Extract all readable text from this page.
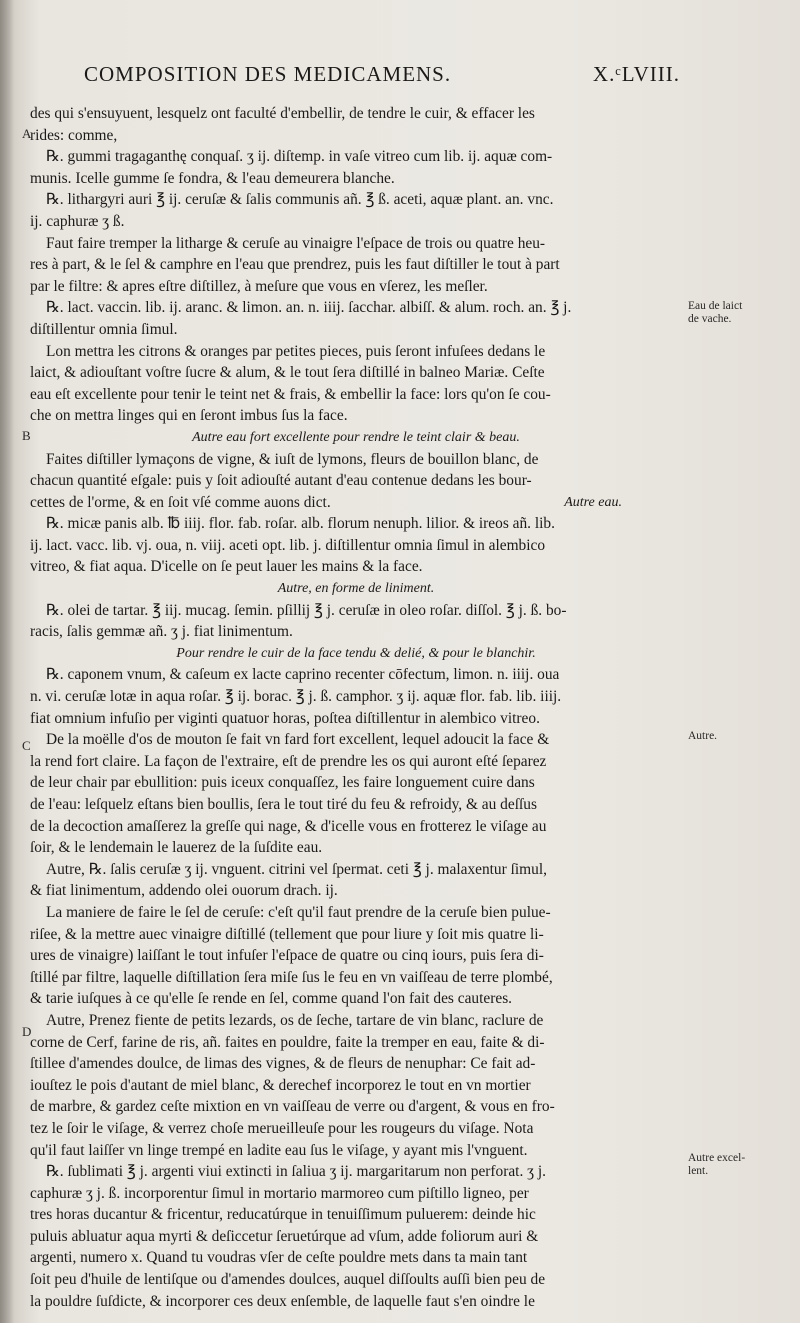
COMPOSITION DES MEDICAMENS.	X.ᶜLVIII.
A
B
C
D
Eau de laict
de vache.
Autre.
Autre excel-
lent.
des qui s'ensuyuent, lesquelz ont faculté d'embellir, de tendre le cuir, & effacer les
rides: comme,
℞. gummi tragaganthę conquaſ. ʒ ij. diſtemp. in vaſe vitreo cum lib. ij. aquæ com-
munis. Icelle gumme ſe fondra, & l'eau demeurera blanche.
℞. lithargyri auri ℥ ij. ceruſæ & ſalis communis añ. ℥ ß. aceti, aquæ plant. an. vnc.
ij. caphuræ ʒ ß.
Faut faire tremper la litharge & ceruſe au vinaigre l'eſpace de trois ou quatre heu-
res à part, & le ſel & camphre en l'eau que prendrez, puis les faut diſtiller le tout à part
par le filtre: & apres eſtre diſtillez, à meſure que vous en vſerez, les meſler.
℞. lact. vaccin. lib. ij. aranc. & limon. an. n. iiij. ſacchar. albiſſ. & alum. roch. an. ℥ j.
diſtillentur omnia ſimul.
Lon mettra les citrons & oranges par petites pieces, puis ſeront infuſees dedans le
laict, & adiouſtant voſtre ſucre & alum, & le tout ſera diſtillé in balneo Mariæ. Ceſte
eau eſt excellente pour tenir le teint net & frais, & embellir la face: lors qu'on ſe cou-
che on mettra linges qui en ſeront imbus ſus la face.
Autre eau fort excellente pour rendre le teint clair & beau.
Faites diſtiller lymaçons de vigne, & iuſt de lymons, fleurs de bouillon blanc, de
chacun quantité eſgale: puis y ſoit adiouſté autant d'eau contenue dedans les bour-
cettes de l'orme, & en ſoit vſé comme auons dict.	Autre eau.
℞. micæ panis alb. ℔ iiij. flor. fab. roſar. alb. florum nenuph. lilior. & ireos añ. lib.
ij. lact. vacc. lib. vj. oua, n. viij. aceti opt. lib. j. diſtillentur omnia ſimul in alembico
vitreo, & fiat aqua. D'icelle on ſe peut lauer les mains & la face.
Autre, en forme de liniment.
℞. olei de tartar. ℥ iij. mucag. ſemin. pſillij ℥ j. ceruſæ in oleo roſar. diſſol. ℥ j. ß. bo-
racis, ſalis gemmæ añ. ʒ j. fiat linimentum.
Pour rendre le cuir de la face tendu & delié, & pour le blanchir.
℞. caponem vnum, & caſeum ex lacte caprino recenter cōfectum, limon. n. iiij. oua
n. vi. ceruſæ lotæ in aqua roſar. ℥ ij. borac. ℥ j. ß. camphor. ʒ ij. aquæ flor. fab. lib. iiij.
fiat omnium infuſio per viginti quatuor horas, poſtea diſtillentur in alembico vitreo.
De la moëlle d'os de mouton ſe fait vn fard fort excellent, lequel adoucit la face &
la rend fort claire. La façon de l'extraire, eſt de prendre les os qui auront eſté ſeparez
de leur chair par ebullition: puis iceux conquaſſez, les faire longuement cuire dans
de l'eau: leſquelz eſtans bien boullis, ſera le tout tiré du feu & refroidy, & au deſſus
de la decoction amaſſerez la greſſe qui nage, & d'icelle vous en frotterez le viſage au
ſoir, & le lendemain le lauerez de la ſuſdite eau.
Autre, ℞. ſalis ceruſæ ʒ ij. vnguent. citrini vel ſpermat. ceti ℥ j. malaxentur ſimul,
& fiat linimentum, addendo olei ouorum drach. ij.
La maniere de faire le ſel de ceruſe: c'eſt qu'il faut prendre de la ceruſe bien pulue-
riſee, & la mettre auec vinaigre diſtillé (tellement que pour liure y ſoit mis quatre li-
ures de vinaigre) laiſſant le tout infuſer l'eſpace de quatre ou cinq iours, puis ſera di-
ſtillé par filtre, laquelle diſtillation ſera miſe ſus le feu en vn vaiſſeau de terre plombé,
& tarie iuſques à ce qu'elle ſe rende en ſel, comme quand l'on fait des cauteres.
Autre, Prenez fiente de petits lezards, os de ſeche, tartare de vin blanc, raclure de
corne de Cerf, farine de ris, añ. faites en pouldre, faite la tremper en eau, faite & di-
ſtillee d'amendes doulce, de limas des vignes, & de fleurs de nenuphar: Ce fait ad-
iouſtez le pois d'autant de miel blanc, & derechef incorporez le tout en vn mortier
de marbre, & gardez ceſte mixtion en vn vaiſſeau de verre ou d'argent, & vous en fro-
tez le ſoir le viſage, & verrez choſe merueilleuſe pour les rougeurs du viſage. Nota
qu'il faut laiſſer vn linge trempé en ladite eau ſus le viſage, y ayant mis l'vnguent.
℞. ſublimati ℥ j. argenti viui extincti in ſaliua ʒ ij. margaritarum non perforat. ʒ j.
caphuræ ʒ j. ß. incorporentur ſimul in mortario marmoreo cum piſtillo ligneo, per
tres horas ducantur & fricentur, reducatúrque in tenuiſſimum puluerem: deinde hic
puluis abluatur aqua myrti & deſiccetur ſeruetúrque ad vſum, adde foliorum auri &
argenti, numero x. Quand tu voudras vſer de ceſte pouldre mets dans ta main tant
ſoit peu d'huile de lentiſque ou d'amendes doulces, auquel diſſoults auſſi bien peu de
la pouldre ſuſdicte, & incorporer ces deux enſemble, de laquelle faut s'en oindre le
